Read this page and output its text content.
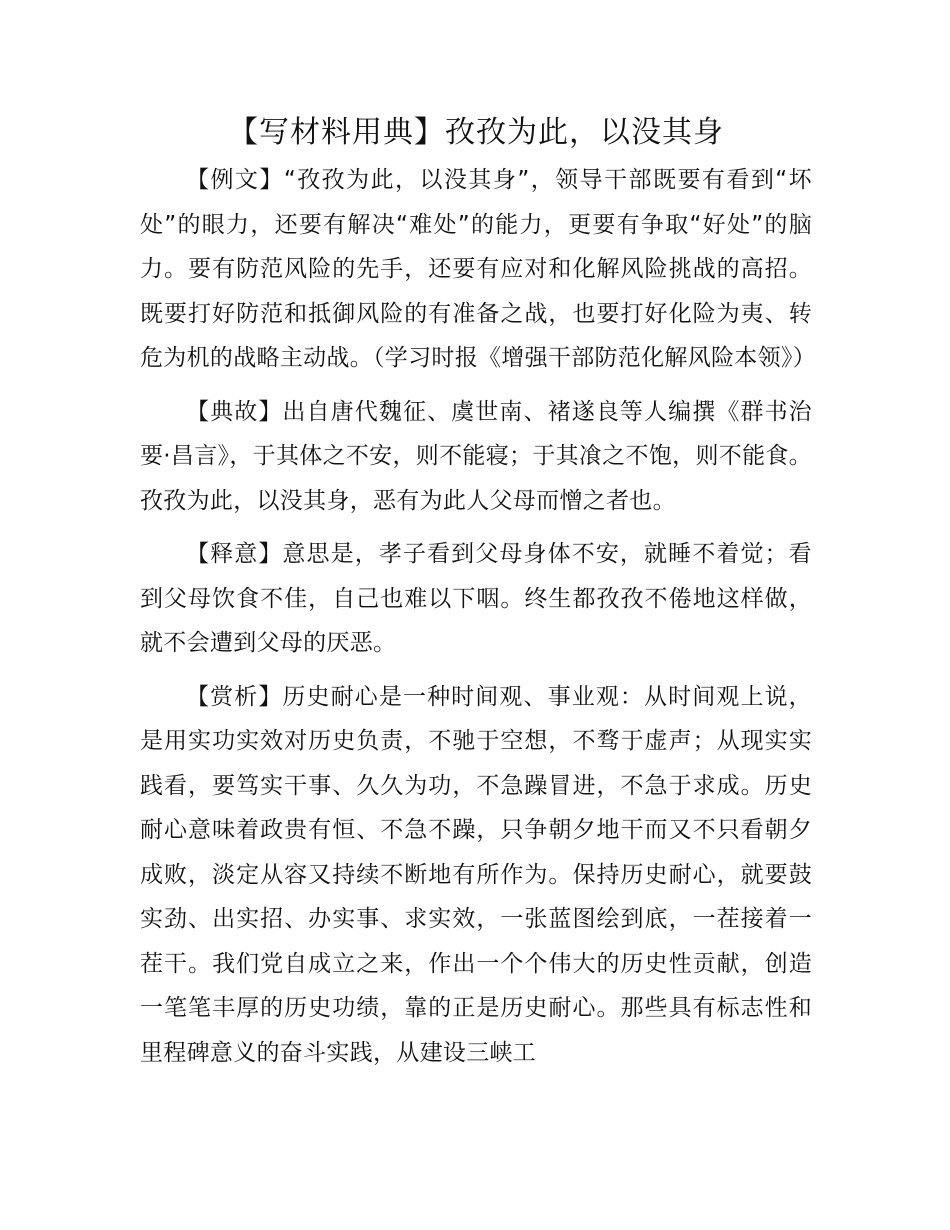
【写材料用典】孜孜为此，以没其身

【例文】“孜孜为此，以没其身”，领导干部既要有看到“坏处”的眼力，还要有解决“难处”的能力，更要有争取“好处”的脑力。要有防范风险的先手，还要有应对和化解风险挑战的高招。既要打好防范和抵御风险的有准备之战，也要打好化险为夷、转危为机的战略主动战。（学习时报《增强干部防范化解风险本领》）

【典故】出自唐代魏征、虞世南、褚遂良等人编撰《群书治要·昌言》，于其体之不安，则不能寝；于其飡之不饱，则不能食。孜孜为此，以没其身，恶有为此人父母而憎之者也。

【释意】意思是，孝子看到父母身体不安，就睡不着觉；看到父母饮食不佳，自己也难以下咽。终生都孜孜不倦地这样做，就不会遭到父母的厌恶。

【赏析】历史耐心是一种时间观、事业观：从时间观上说，是用实功实效对历史负责，不驰于空想，不骛于虚声；从现实实践看，要笃实干事、久久为功，不急躁冒进，不急于求成。历史耐心意味着政贵有恒、不急不躁，只争朝夕地干而又不只看朝夕成败，淡定从容又持续不断地有所作为。保持历史耐心，就要鼓实劲、出实招、办实事、求实效，一张蓝图绘到底，一茬接着一茬干。我们党自成立之来，作出一个个伟大的历史性贡献，创造一笔笔丰厚的历史功绩，靠的正是历史耐心。那些具有标志性和里程碑意义的奋斗实践，从建设三峡工
